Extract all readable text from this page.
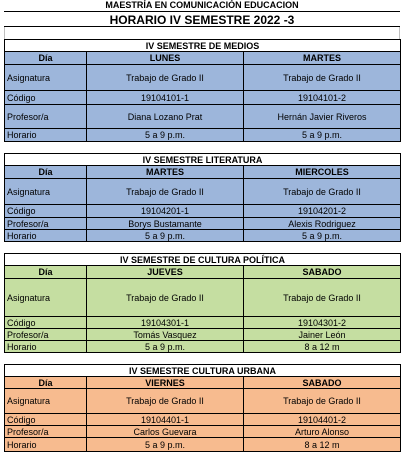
MAESTRÍA EN COMUNICACIÓN EDUCACION
HORARIO IV SEMESTRE 2022 -3
IV SEMESTRE DE MEDIOS		
Día	LUNES	MARTES
Asignatura	Trabajo de Grado II	Trabajo de Grado II
Código	19104101-1	19104101-2
Profesor/a	Diana Lozano Prat	Hernán Javier Riveros
Horario	5 a 9 p.m.	5 a 9 p.m.
IV SEMESTRE LITERATURA		
Día	MARTES	MIERCOLES
Asignatura	Trabajo de Grado II	Trabajo de Grado II
Código	19104201-1	19104201-2
Profesor/a	Borys Bustamante	Alexis Rodriguez
Horario	5 a 9 p.m.	5 a 9 p.m.
IV SEMESTRE DE CULTURA POLÍTICA		
Día	JUEVES	SABADO
Asignatura	Trabajo de Grado II	Trabajo de Grado II
Código	19104301-1	19104301-2
Profesor/a	Tomás Vasquez	Jainer León
Horario	5 a 9 p.m.	8 a 12 m
IV SEMESTRE CULTURA URBANA		
Día	VIERNES	SABADO
Asignatura	Trabajo de Grado II	Trabajo de Grado II
Código	19104401-1	19104401-2
Profesor/a	Carlos Guevara	Arturo Alonso
Horario	5 a 9 p.m.	8 a 12 m
